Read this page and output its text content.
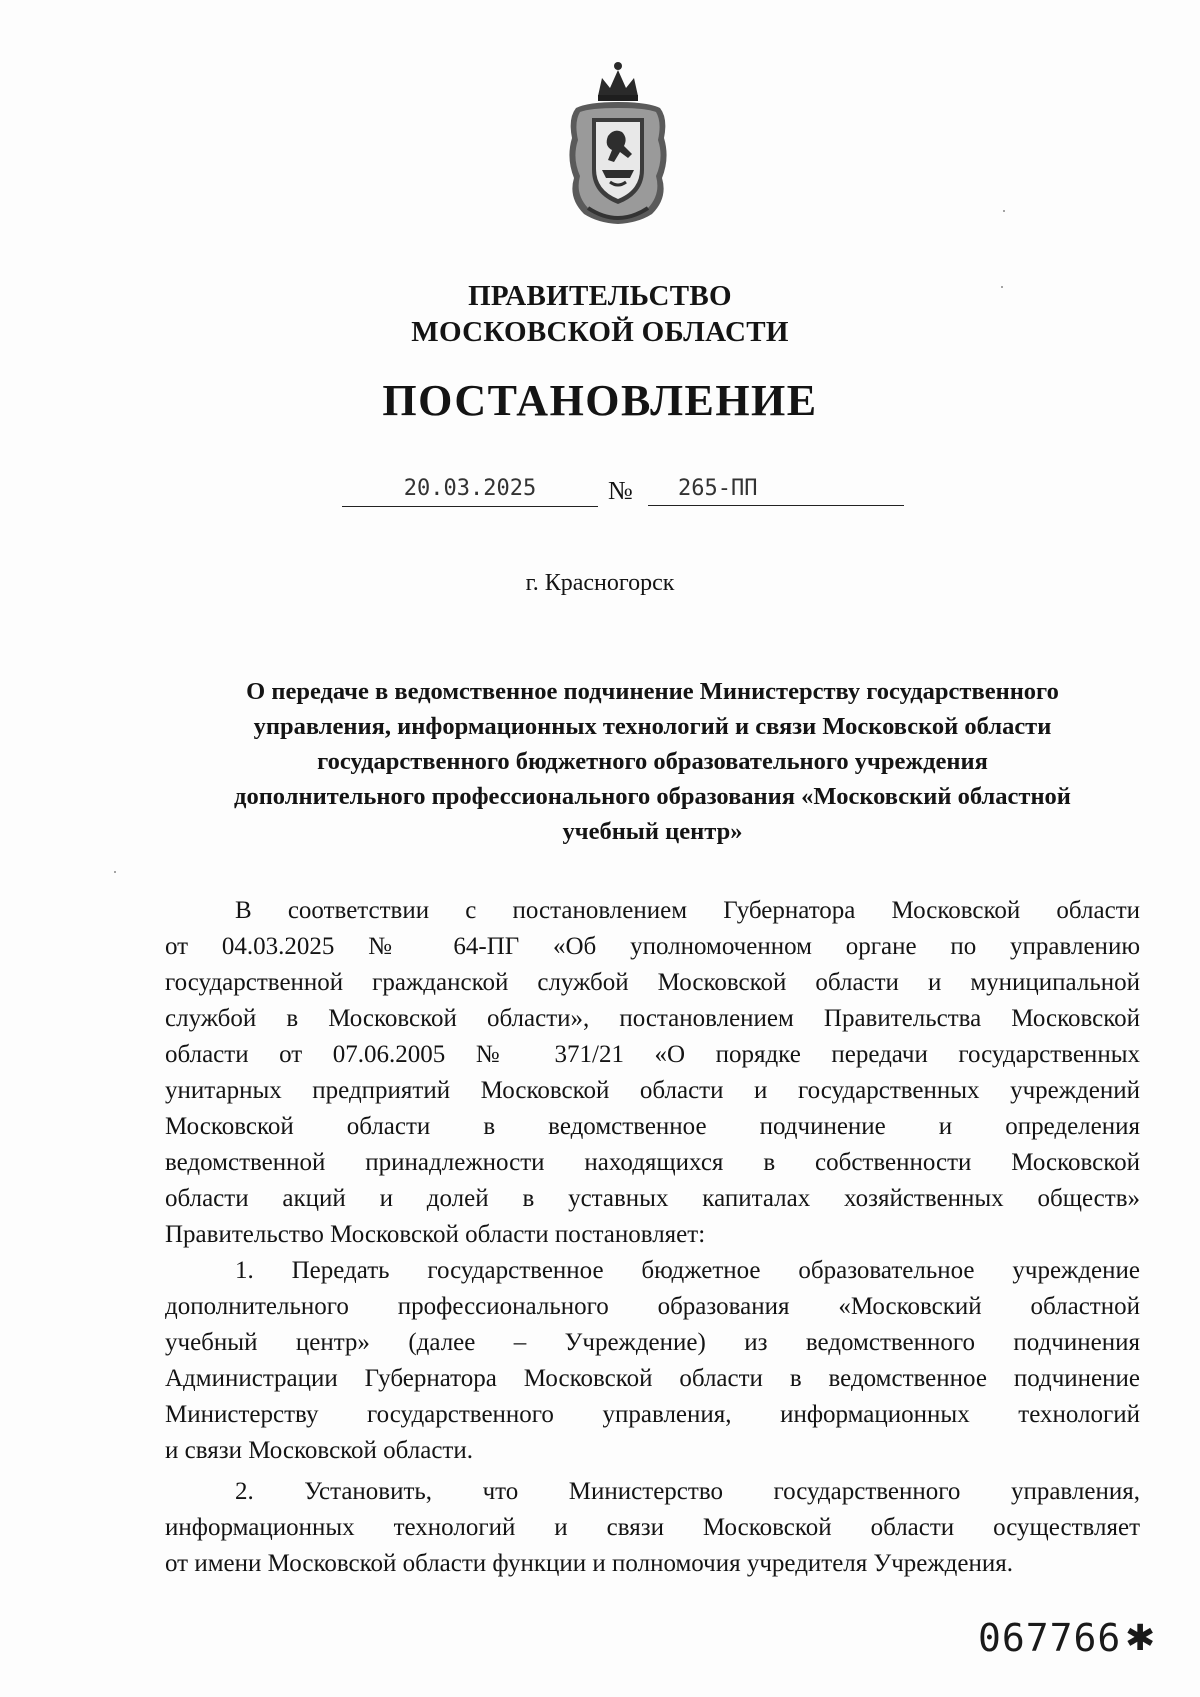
ПРАВИТЕЛЬСТВО
МОСКОВСКОЙ ОБЛАСТИ
ПОСТАНОВЛЕНИЕ
20.03.2025	№	265-ПП
г. Красногорск
О передаче в ведомственное подчинение Министерству государственного
управления, информационных технологий и связи Московской области
государственного бюджетного образовательного учреждения
дополнительного профессионального образования «Московский областной
учебный центр»
В соответствии с постановлением Губернатора Московской области
от 04.03.2025 № 64-ПГ «Об уполномоченном органе по управлению
государственной гражданской службой Московской области и муниципальной
службой в Московской области», постановлением Правительства Московской
области от 07.06.2005 № 371/21 «О порядке передачи государственных
унитарных предприятий Московской области и государственных учреждений
Московской области в ведомственное подчинение и определения
ведомственной принадлежности находящихся в собственности Московской
области акций и долей в уставных капиталах хозяйственных обществ»
Правительство Московской области постановляет:
1. Передать государственное бюджетное образовательное учреждение
дополнительного профессионального образования «Московский областной
учебный центр» (далее – Учреждение) из ведомственного подчинения
Администрации Губернатора Московской области в ведомственное подчинение
Министерству государственного управления, информационных технологий
и связи Московской области.
2. Установить, что Министерство государственного управления,
информационных технологий и связи Московской области осуществляет
от имени Московской области функции и полномочия учредителя Учреждения.
067766 ✱
